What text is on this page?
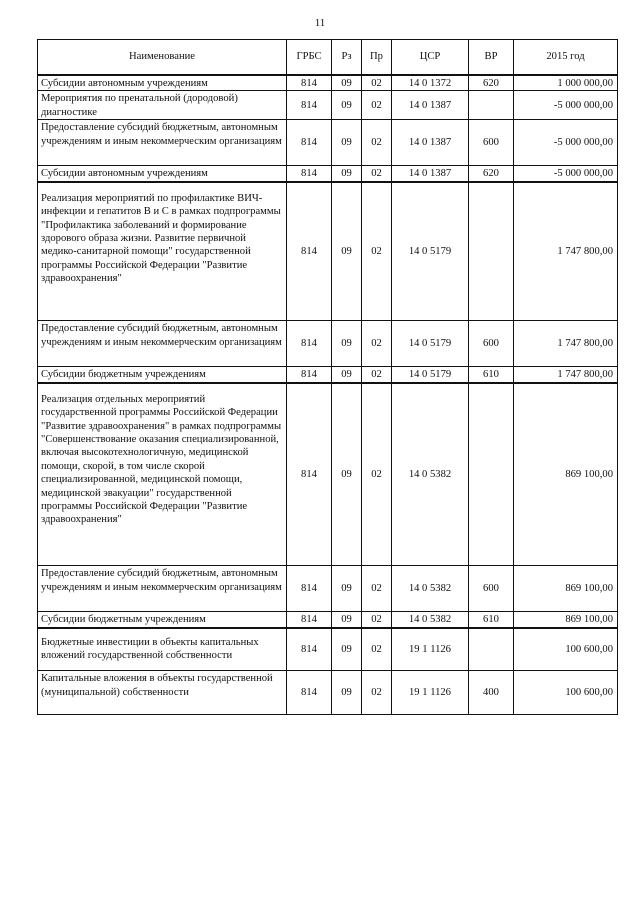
11
Наименование	ГРБС	Рз	Пр	ЦСР	ВР	2015 год
Субсидии автономным учреждениям	814	09	02	14 0 1372	620	1 000 000,00
Мероприятия по пренатальной (дородовой) диагностике	814	09	02	14 0 1387		-5 000 000,00
Предоставление субсидий бюджетным, автономным учреждениям и иным некоммерческим организациям	814	09	02	14 0 1387	600	-5 000 000,00
Субсидии автономным учреждениям	814	09	02	14 0 1387	620	-5 000 000,00
Реализация мероприятий по профилактике ВИЧ-инфекции и гепатитов В и С в рамках подпрограммы "Профилактика заболеваний и формирование здорового образа жизни. Развитие первичной медико-санитарной помощи" государственной программы Российской Федерации "Развитие здравоохранения"	814	09	02	14 0 5179		1 747 800,00
Предоставление субсидий бюджетным, автономным учреждениям и иным некоммерческим организациям	814	09	02	14 0 5179	600	1 747 800,00
Субсидии бюджетным учреждениям	814	09	02	14 0 5179	610	1 747 800,00
Реализация отдельных мероприятий государственной программы Российской Федерации "Развитие здравоохранения" в рамках подпрограммы "Совершенствование оказания специализированной, включая высокотехнологичную, медицинской помощи, скорой, в том числе скорой специализированной, медицинской помощи, медицинской эвакуации" государственной программы Российской Федерации "Развитие здравоохранения"	814	09	02	14 0 5382		869 100,00
Предоставление субсидий бюджетным, автономным учреждениям и иным некоммерческим организациям	814	09	02	14 0 5382	600	869 100,00
Субсидии бюджетным учреждениям	814	09	02	14 0 5382	610	869 100,00
Бюджетные инвестиции в объекты капитальных вложений государственной собственности	814	09	02	19 1 1126		100 600,00
Капитальные вложения в объекты государственной (муниципальной) собственности	814	09	02	19 1 1126	400	100 600,00
